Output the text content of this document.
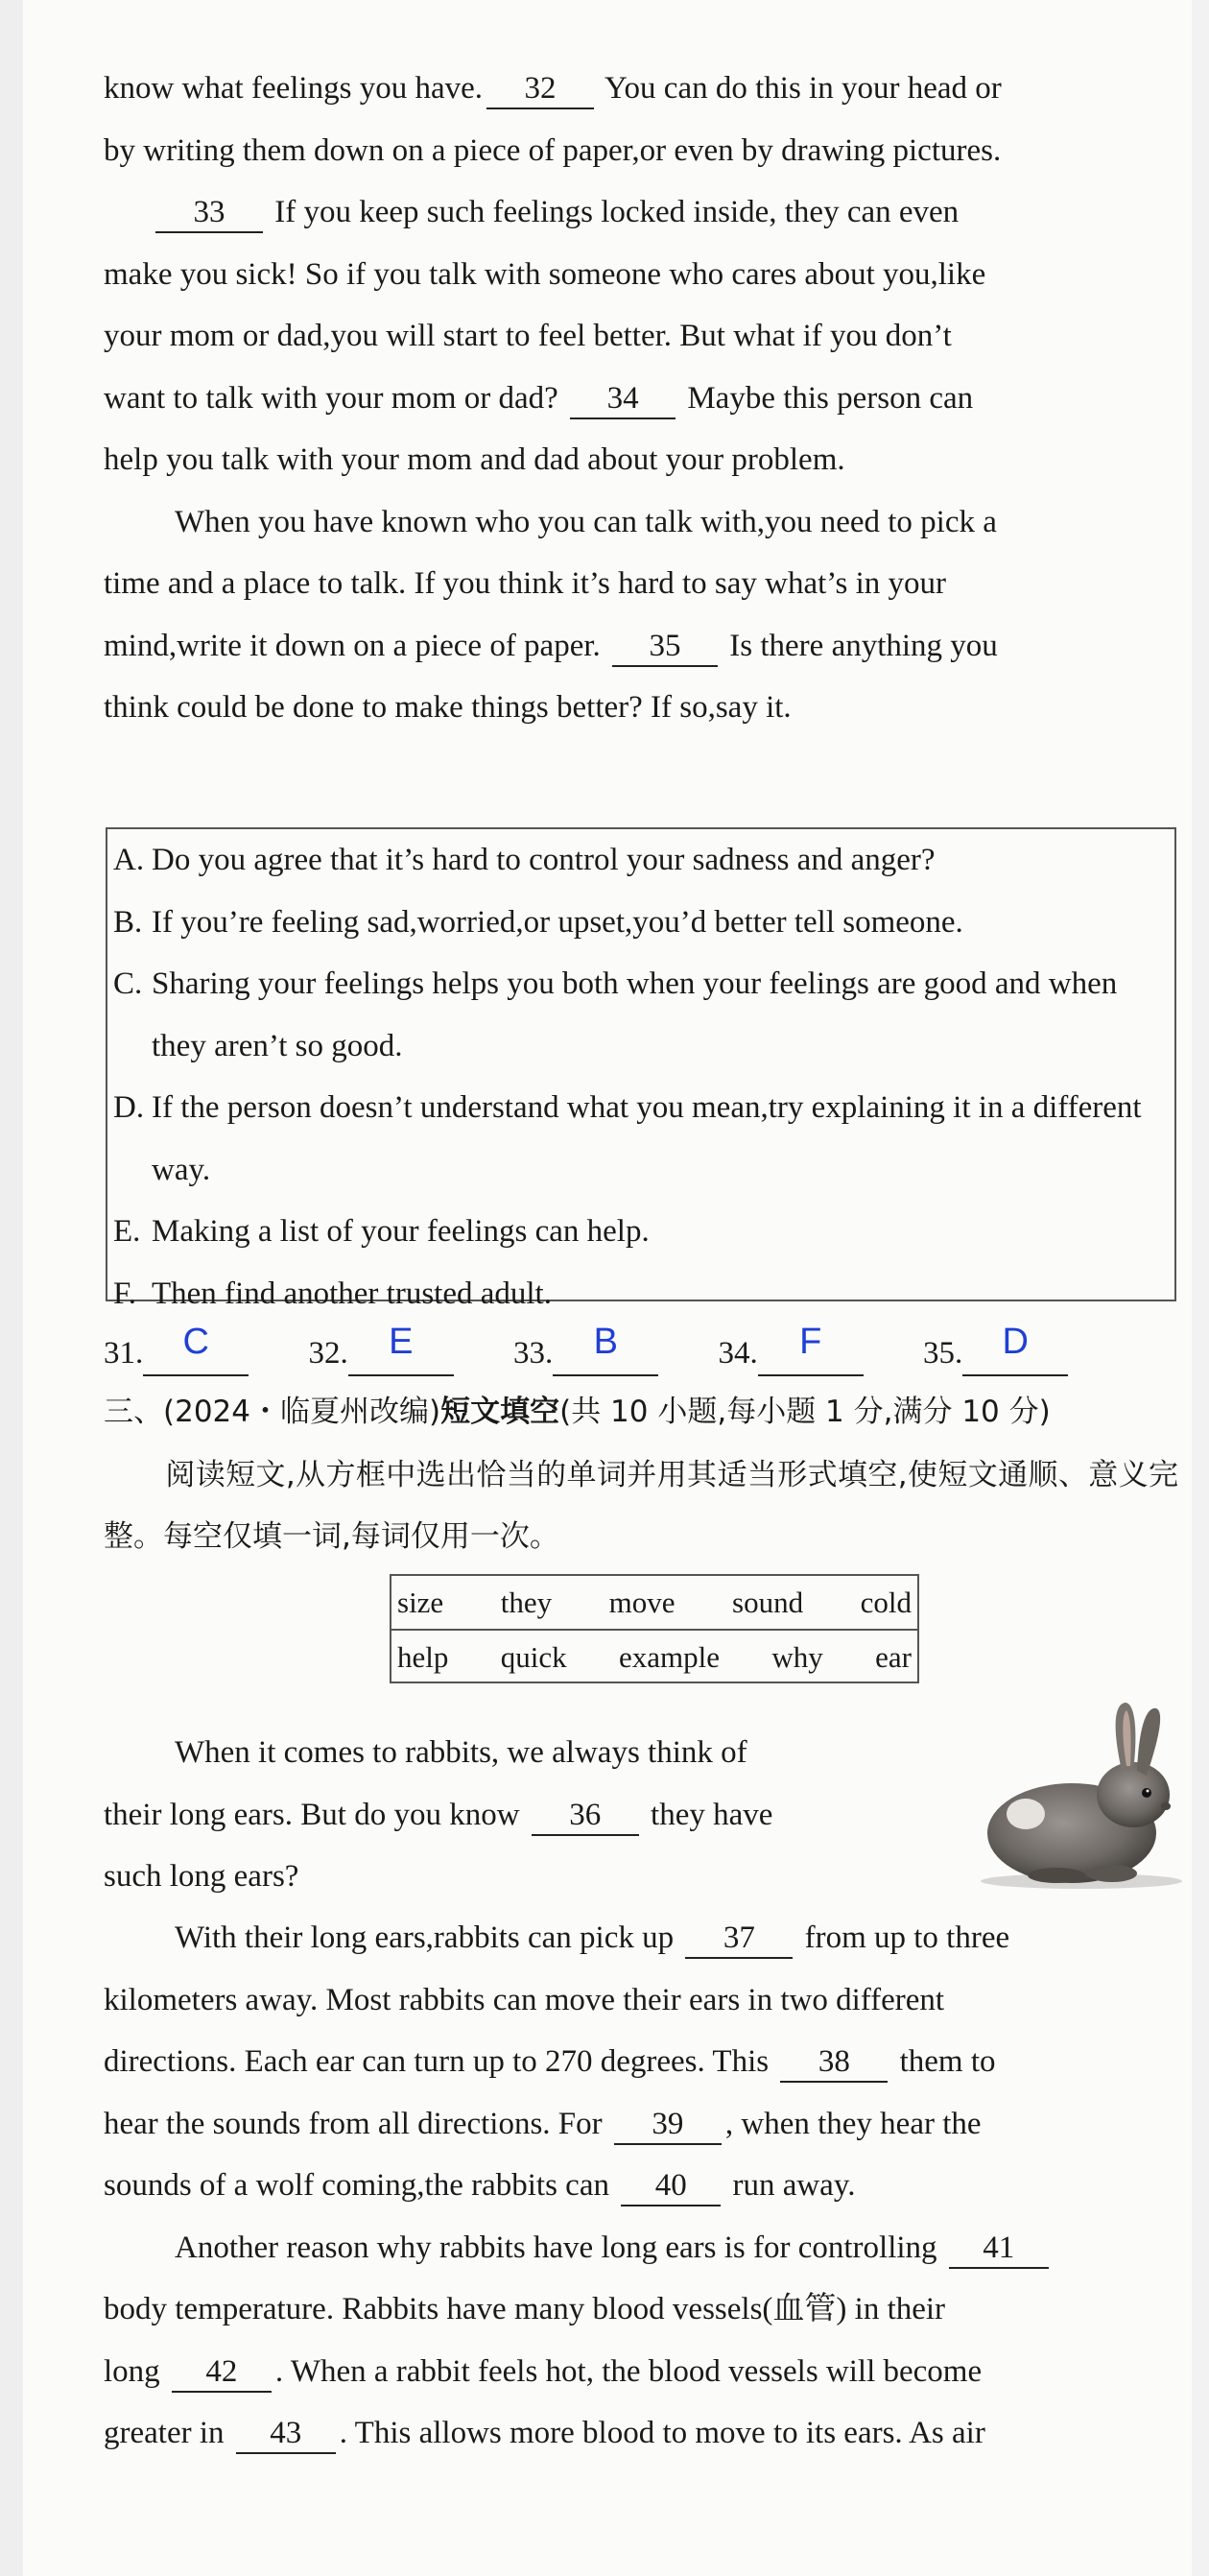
know what feelings you have. 32 You can do this in your head or
by writing them down on a piece of paper,or even by drawing pictures.
33 If you keep such feelings locked inside, they can even
make you sick! So if you talk with someone who cares about you,like
your mom or dad,you will start to feel better. But what if you don’t
want to talk with your mom or dad? 34 Maybe this person can
help you talk with your mom and dad about your problem.
When you have known who you can talk with,you need to pick a
time and a place to talk. If you think it’s hard to say what’s in your
mind,write it down on a piece of paper. 35 Is there anything you
think could be done to make things better? If so,say it.
A. Do you agree that it’s hard to control your sadness and anger?
B. If you’re feeling sad,worried,or upset,you’d better tell someone.
C. Sharing your feelings helps you both when your feelings are good and when they aren’t so good.
D. If the person doesn’t understand what you mean,try explaining it in a different way.
E. Making a list of your feelings can help.
F. Then find another trusted adult.
31. C	32. E	33. B	34. F	35. D
三、(2024・临夏州改编)短文填空(共 10 小题,每小题 1 分,满分 10 分)
阅读短文,从方框中选出恰当的单词并用其适当形式填空,使短文通顺、意义完整。每空仅填一词,每词仅用一次。
size they move sound cold
help quick example why ear
When it comes to rabbits, we always think of
their long ears. But do you know 36 they have
such long ears?
With their long ears,rabbits can pick up 37 from up to three
kilometers away. Most rabbits can move their ears in two different
directions. Each ear can turn up to 270 degrees. This 38 them to
hear the sounds from all directions. For 39 , when they hear the
sounds of a wolf coming,the rabbits can 40 run away.
Another reason why rabbits have long ears is for controlling 41
body temperature. Rabbits have many blood vessels(血管) in their
long 42 . When a rabbit feels hot, the blood vessels will become
greater in 43 . This allows more blood to move to its ears. As air
